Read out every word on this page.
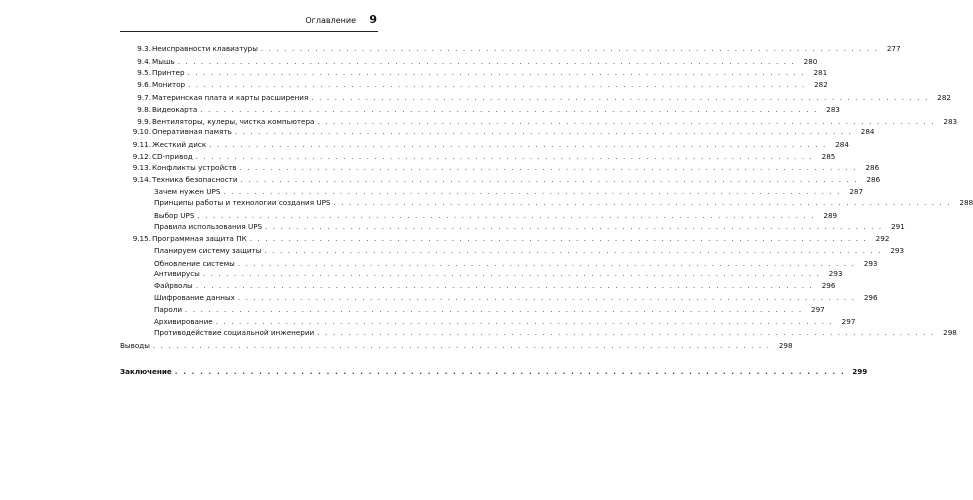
Оглавление 9
9.3. Неисправности клавиатуры . . . . . . . . . . . . . . . . . . . . . . . . . . . . . . . . . . . . . . . . . . . . . . . . . . . . . . . . . . . . . . . . . . . . . . . . . . . . . . . .	277
9.4. Мышь . . . . . . . . . . . . . . . . . . . . . . . . . . . . . . . . . . . . . . . . . . . . . . . . . . . . . . . . . . . . . . . . . . . . . . . . . . . . . . . .	280
9.5. Принтер . . . . . . . . . . . . . . . . . . . . . . . . . . . . . . . . . . . . . . . . . . . . . . . . . . . . . . . . . . . . . . . . . . . . . . . . . . . . . . . .	281
9.6. Монитор . . . . . . . . . . . . . . . . . . . . . . . . . . . . . . . . . . . . . . . . . . . . . . . . . . . . . . . . . . . . . . . . . . . . . . . . . . . . . . . .	282
9.7. Материнская плата и карты расширения . . . . . . . . . . . . . . . . . . . . . . . . . . . . . . . . . . . . . . . . . . . . . . . . . . . . . . . . . . . . . . . . . . . . . . . . . . . . . . . .	282
9.8. Видеокарта . . . . . . . . . . . . . . . . . . . . . . . . . . . . . . . . . . . . . . . . . . . . . . . . . . . . . . . . . . . . . . . . . . . . . . . . . . . . . . . .	283
9.9. Вентиляторы, кулеры, чистка компьютера . . . . . . . . . . . . . . . . . . . . . . . . . . . . . . . . . . . . . . . . . . . . . . . . . . . . . . . . . . . . . . . . . . . . . . . . . . . . . . . .	283
9.10. Оперативная память . . . . . . . . . . . . . . . . . . . . . . . . . . . . . . . . . . . . . . . . . . . . . . . . . . . . . . . . . . . . . . . . . . . . . . . . . . . . . . . .	284
9.11. Жесткий диск . . . . . . . . . . . . . . . . . . . . . . . . . . . . . . . . . . . . . . . . . . . . . . . . . . . . . . . . . . . . . . . . . . . . . . . . . . . . . . . .	284
9.12. CD-привод . . . . . . . . . . . . . . . . . . . . . . . . . . . . . . . . . . . . . . . . . . . . . . . . . . . . . . . . . . . . . . . . . . . . . . . . . . . . . . . .	285
9.13. Конфликты устройств . . . . . . . . . . . . . . . . . . . . . . . . . . . . . . . . . . . . . . . . . . . . . . . . . . . . . . . . . . . . . . . . . . . . . . . . . . . . . . . .	286
9.14. Техника безопасности . . . . . . . . . . . . . . . . . . . . . . . . . . . . . . . . . . . . . . . . . . . . . . . . . . . . . . . . . . . . . . . . . . . . . . . . . . . . . . . .	286
Зачем нужен UPS . . . . . . . . . . . . . . . . . . . . . . . . . . . . . . . . . . . . . . . . . . . . . . . . . . . . . . . . . . . . . . . . . . . . . . . . . . . . . . . .	287
Принципы работы и технологии создания UPS . . . . . . . . . . . . . . . . . . . . . . . . . . . . . . . . . . . . . . . . . . . . . . . . . . . . . . . . . . . . . . . . . . . . . . . . . . . . . . . .	288
Выбор UPS . . . . . . . . . . . . . . . . . . . . . . . . . . . . . . . . . . . . . . . . . . . . . . . . . . . . . . . . . . . . . . . . . . . . . . . . . . . . . . . .	289
Правила использования UPS . . . . . . . . . . . . . . . . . . . . . . . . . . . . . . . . . . . . . . . . . . . . . . . . . . . . . . . . . . . . . . . . . . . . . . . . . . . . . . . .	291
9.15. Программная защита ПК . . . . . . . . . . . . . . . . . . . . . . . . . . . . . . . . . . . . . . . . . . . . . . . . . . . . . . . . . . . . . . . . . . . . . . . . . . . . . . . .	292
Планируем систему защиты . . . . . . . . . . . . . . . . . . . . . . . . . . . . . . . . . . . . . . . . . . . . . . . . . . . . . . . . . . . . . . . . . . . . . . . . . . . . . . . .	293
Обновление системы . . . . . . . . . . . . . . . . . . . . . . . . . . . . . . . . . . . . . . . . . . . . . . . . . . . . . . . . . . . . . . . . . . . . . . . . . . . . . . . .	293
Антивирусы . . . . . . . . . . . . . . . . . . . . . . . . . . . . . . . . . . . . . . . . . . . . . . . . . . . . . . . . . . . . . . . . . . . . . . . . . . . . . . . .	293
Файрволы . . . . . . . . . . . . . . . . . . . . . . . . . . . . . . . . . . . . . . . . . . . . . . . . . . . . . . . . . . . . . . . . . . . . . . . . . . . . . . . .	296
Шифрование данных . . . . . . . . . . . . . . . . . . . . . . . . . . . . . . . . . . . . . . . . . . . . . . . . . . . . . . . . . . . . . . . . . . . . . . . . . . . . . . . .	296
Пароли . . . . . . . . . . . . . . . . . . . . . . . . . . . . . . . . . . . . . . . . . . . . . . . . . . . . . . . . . . . . . . . . . . . . . . . . . . . . . . . .	297
Архивирование . . . . . . . . . . . . . . . . . . . . . . . . . . . . . . . . . . . . . . . . . . . . . . . . . . . . . . . . . . . . . . . . . . . . . . . . . . . . . . . .	297
Противодействие социальной инженерии . . . . . . . . . . . . . . . . . . . . . . . . . . . . . . . . . . . . . . . . . . . . . . . . . . . . . . . . . . . . . . . . . . . . . . . . . . . . . . . .	298
Выводы . . . . . . . . . . . . . . . . . . . . . . . . . . . . . . . . . . . . . . . . . . . . . . . . . . . . . . . . . . . . . . . . . . . . . . . . . . . . . . . .	298
Заключение . . . . . . . . . . . . . . . . . . . . . . . . . . . . . . . . . . . . . . . . . . . . . . . . . . . . . . . . . . . . . . . . . . . . . . . . . . . . . . . . 299
